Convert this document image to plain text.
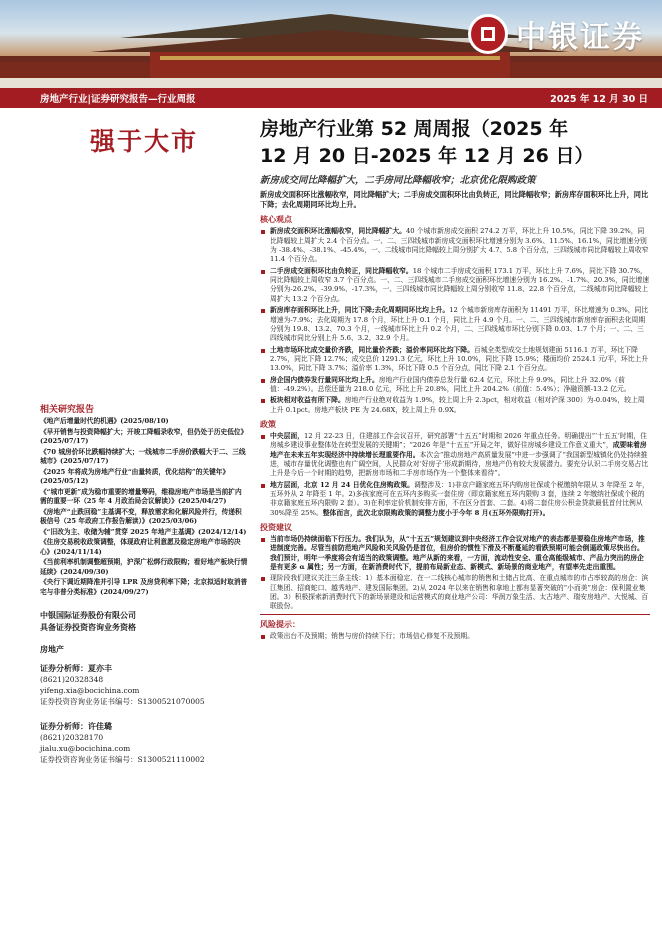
中银证券
房地产行业|证券研究报告—行业周报	2025 年 12 月 30 日
强于大市
相关研究报告
《地产后增量时代的机遇》(2025/08/10)
《早开销售与投资降幅扩大；开竣工降幅录收窄，但仍处于历史低位》(2025/07/17)
《70 城房价环比跌幅持续扩大；一线城市二手房价跌幅大于二、三线城市》(2025/07/17)
《2025 年将成为房地产行业“由量转质，优化结构”的关键年》(2025/05/12)
《“城市更新”成为稳市重要的增量筹码，维稳房地产市场是当前扩内需的重要一环（25 年 4 月政治局会议解读）》(2025/04/27)
《房地产“止跌回稳”主基调不变，释放需求和化解风险并行，传递积极信号（25 年政府工作报告解读）》(2025/03/06)
《“旧改为主、收储为辅”贯穿 2025 年地产主基调》(2024/12/14)
《住房交易税收政策调整，体现政府让利意愿及稳定房地产市场的决心》(2024/11/14)
《当前利率机制调整超预期，沪深广松绑行政限购；看好地产板块行情延续》(2024/09/30)
《央行下调近期降准并引导 LPR 及房贷利率下降；北京拟适时取消普宅与非普分类标准》(2024/09/27)
中银国际证券股份有限公司
具备证券投资咨询业务资格
房地产
证券分析师：夏亦丰
(8621)20328348
yifeng.xia@bocichina.com
证券投资咨询业务证书编号：S1300521070005
证券分析师：许佳璐
(8621)20328170
jialu.xu@bocichina.com
证券投资咨询业务证书编号：S1300521110002
房地产行业第 52 周周报（2025 年
12 月 20 日-2025 年 12 月 26 日）
新房成交同比降幅扩大，二手房同比降幅收窄；北京优化限购政策
新房成交面积环比涨幅收窄，同比降幅扩大；二手房成交面积环比由负转正，同比降幅收窄；新房库存面积环比上升，同比下降；去化周期同环比均上升。
核心观点
新房成交面积环比涨幅收窄，同比降幅扩大。40 个城市新房成交面积 274.2 万平，环比上升 10.5%，同比下降 39.2%，同比降幅较上周扩大 2.4 个百分点。一、二、三四线城市新房成交面积环比增速分别为 3.6%、11.5%、16.1%，同比增速分别为 -38.4%、-38.1%、-45.4%，一、二线城市同比降幅较上周分别扩大 4.7、5.8 个百分点，三四线城市同比降幅较上周收窄 11.4 个百分点。
二手房成交面积环比由负转正，同比降幅收窄。18 个城市二手房成交面积 173.1 万平，环比上升 7.6%，同比下降 30.7%，同比降幅较上周收窄 3.7 个百分点。一、二、三四线城市二手房成交面积环比增速分别为 16.2%、-1.7%、20.3%，同比增速分别为-26.2%、-39.9%、-17.3%，一、三四线城市同比降幅较上周分别收窄 11.8、22.8 个百分点，二线城市同比降幅较上周扩大 13.2 个百分点。
新房库存面积环比上升，同比下降;去化周期同环比均上升。12 个城市新房库存面积为 11491 万平，环比增速为 0.3%，同比增速为-7.9%；去化周期为 17.8 个月，环比上升 0.1 个月，同比上升 4.9 个月。一、二、三四线城市新房库存面积去化周期分别为 19.8、13.2、70.3 个月，一线城市环比上升 0.2 个月，二、三四线城市环比分别下降 0.03、1.7 个月；一、二、三四线城市同比分别上升 5.6、3.2、32.9 个月。
土地市场环比成交量价齐跌，同比量价齐跌；溢价率同环比均下降。百城全类型成交土地规划建面 5116.1 万平，环比下降 2.7%，同比下降 12.7%；成交总价 1291.3 亿元，环比上升 10.0%，同比下降 15.9%；楼面均价 2524.1 元/平，环比上升 13.0%，同比下降 3.7%；溢价率 1.3%，环比下降 0.5 个百分点，同比下降 2.1 个百分点。
房企国内债券发行量同环比均上升。房地产行业国内债券总发行量 62.4 亿元，环比上升 9.9%，同比上升 32.0%（前值：-49.2%）。总偿还量为 218.0 亿元，环比上升 20.8%，同比上升 204.2%（前值：5.4%）；净融资额-13.2 亿元。
板块相对收益有所下降。房地产行业绝对收益为 1.9%，较上周上升 2.3pct，相对收益（相对沪深 300）为-0.04%，较上周上升 0.1pct。房地产板块 PE 为 24.68X，较上周上升 0.9X。
政策
中央层面，12 月 22-23 日，住建部工作会议召开，研究部署“十五五”时期和 2026 年重点任务。明确提出“‘十五五’时期，住房城乡建设事业整体处在转型发展的关键期”；“2026 年是“十五五”开局之年，做好住房城乡建设工作意义重大”，成要味着房地产在未来五年实现经济中持续增长理重要作用。本次会“推动房地产高质量发展”中进一步强调了“我国新型城镇化仍处持续推进，城市存量优化调整也有广阔空间，人民群众对‘好房子’形成新期待，房地产仍有较大发展潜力。要充分认识二手房交易占比上升是今后一个时期的趋势，把新房市场和二手房市场作为一个整体来看待”。
地方层面，北京 12 月 24 日优化住房购政策。调整涉及：1)非京户籍家庭五环内购房社保或个税缴纳年限从 3 年降至 2 年，五环外从 2 年降至 1 年。2)多孩家庭可在五环内多购买一套住房（即京籍家庭五环内限购 3 套，连续 2 年缴纳社保或个税的非京籍家庭五环内限购 2 套）。3)在利率定价机制安排方面，不在区分首套、二套。4)将二套住房公积金贷款最低首付比例从 30%降至 25%。整体而言，此次北京限购政策的调整力度小于今年 8 月(五环外限购打开)。
投资建议
当前市场仍持续面临下行压力。我们认为，从“十五五”规划建议到中央经济工作会议对地产的表态都是要稳住房地产市场，推进制度完善。尽管当前防范地产风险和关风险仍是首位，但房价的惯性下滑及不断蔓延的看跌预期可能会倒逼政策尽快出台。我们预计，明年一季度将会有适当的政策调整。地产从新的来看，一方面，流动性安全、重仓高能级城市、产品力突出的房企是有更多 α 属性；另一方面，在新消费时代下，提前布局新业态、新模式、新场景的商业地产，有望率先走出重围。
现阶段我们建议关注三条主线：1）基本面稳定、在一二线核心城市的销售和土储占比高、在重点城市的市占率较高的房企：滨江集团、招商蛇口、越秀地产、建发国际集团。2)从 2024 年以来在销售和拿地上都有显著突破的“小而美”房企：保利置业集团。3）积极探索新消费时代下的新场景建设和运营模式的商业地产公司：华润万象生活、太古地产、瑞安房地产、大悦城、百联股份。
风险提示：
政策出台不及预期；销售与房价持续下行；市场信心修复不及预期。
